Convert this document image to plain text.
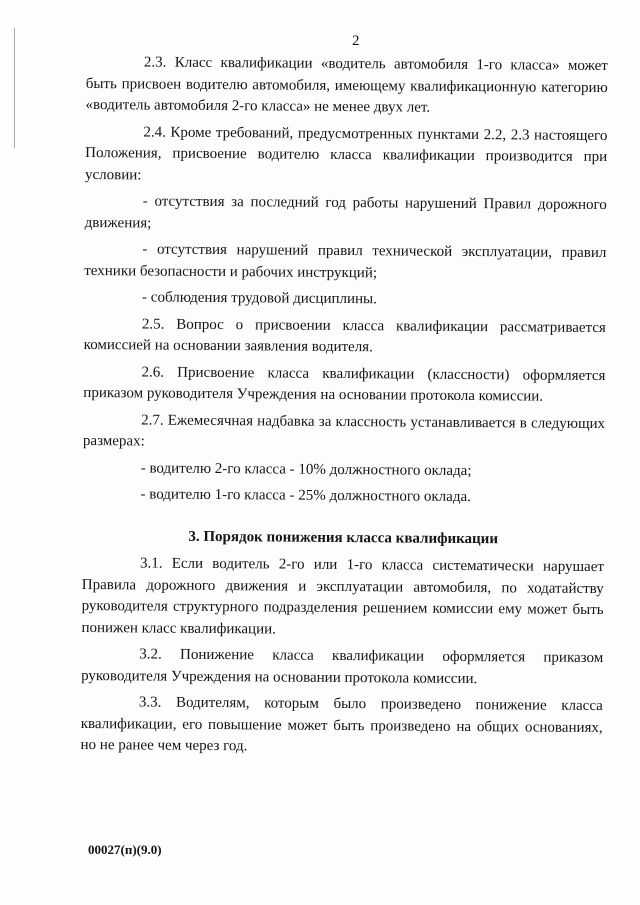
2

2.3. Класс квалификации «водитель автомобиля 1-го класса» может быть присвоен водителю автомобиля, имеющему квалификационную категорию «водитель автомобиля 2-го класса» не менее двух лет.

2.4. Кроме требований, предусмотренных пунктами 2.2, 2.3 настоящего Положения, присвоение водителю класса квалификации производится при условии:

- отсутствия за последний год работы нарушений Правил дорожного движения;

- отсутствия нарушений правил технической эксплуатации, правил техники безопасности и рабочих инструкций;

- соблюдения трудовой дисциплины.

2.5. Вопрос о присвоении класса квалификации рассматривается комиссией на основании заявления водителя.

2.6. Присвоение класса квалификации (классности) оформляется приказом руководителя Учреждения на основании протокола комиссии.

2.7. Ежемесячная надбавка за классность устанавливается в следующих размерах:

- водителю 2-го класса - 10% должностного оклада;

- водителю 1-го класса - 25% должностного оклада.

3. Порядок понижения класса квалификации

3.1. Если водитель 2-го или 1-го класса систематически нарушает Правила дорожного движения и эксплуатации автомобиля, по ходатайству руководителя структурного подразделения решением комиссии ему может быть понижен класс квалификации.

3.2. Понижение класса квалификации оформляется приказом руководителя Учреждения на основании протокола комиссии.

3.3. Водителям, которым было произведено понижение класса квалификации, его повышение может быть произведено на общих основаниях, но не ранее чем через год.

00027(п)(9.0)
